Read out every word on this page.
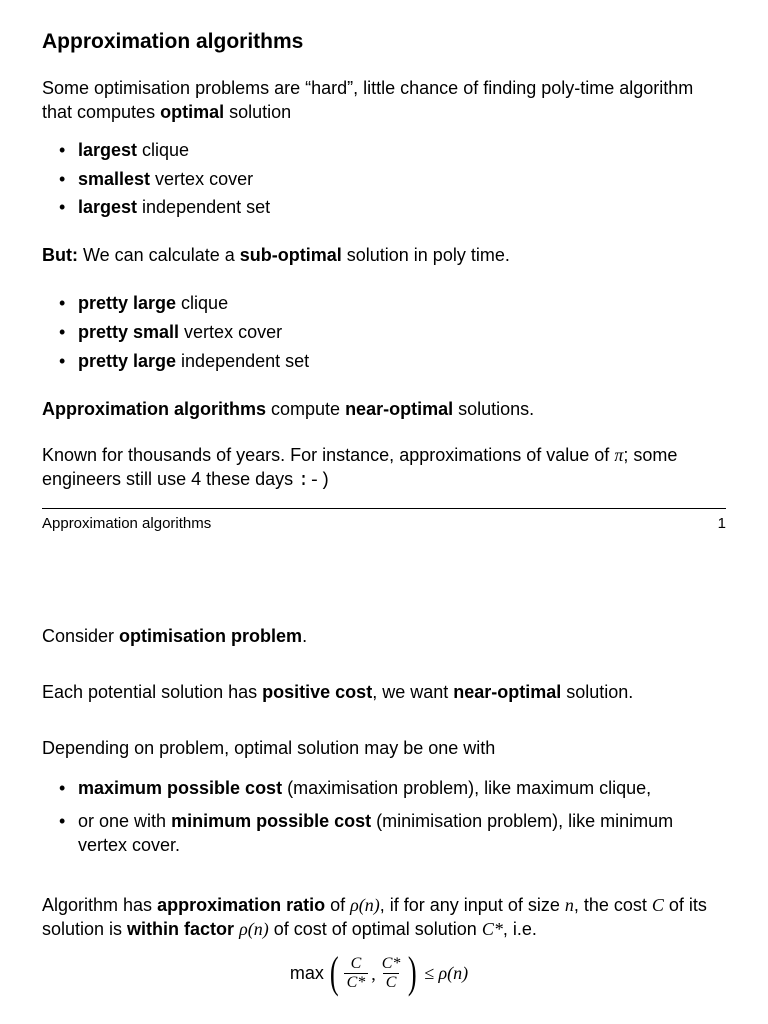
Approximation algorithms

Some optimisation problems are “hard”, little chance of finding poly-time algorithm that computes optimal solution

• largest clique
• smallest vertex cover
• largest independent set

But: We can calculate a sub-optimal solution in poly time.

• pretty large clique
• pretty small vertex cover
• pretty large independent set

Approximation algorithms compute near-optimal solutions.

Known for thousands of years. For instance, approximations of value of π; some engineers still use 4 these days :-)

Approximation algorithms	1

Consider optimisation problem.

Each potential solution has positive cost, we want near-optimal solution.

Depending on problem, optimal solution may be one with

• maximum possible cost (maximisation problem), like maximum clique,
• or one with minimum possible cost (minimisation problem), like minimum vertex cover.

Algorithm has approximation ratio of ρ(n), if for any input of size n, the cost C of its solution is within factor ρ(n) of cost of optimal solution C*, i.e.

max ( $\frac{C}{C*}$ , $\frac{C*}{C}$ ) ≤ ρ(n)
